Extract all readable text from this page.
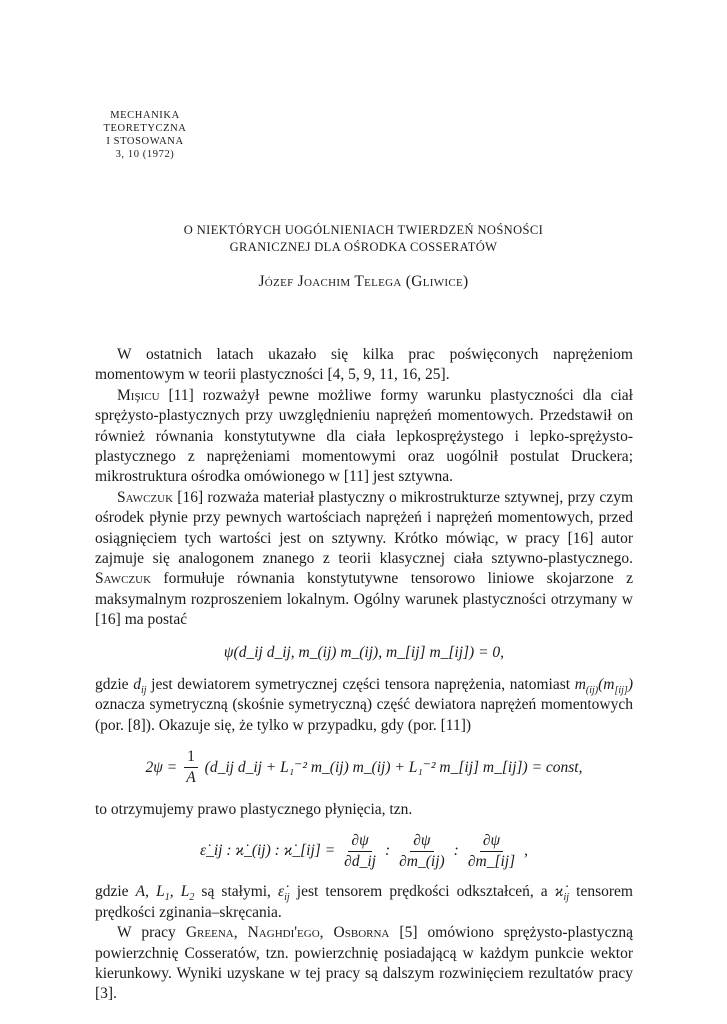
MECHANIKA
TEORETYCZNA
I STOSOWANA
3, 10 (1972)
O NIEKTÓRYCH UOGÓLNIENIACH TWIERDZEŃ NOŚNOŚCI
GRANICZNEJ DLA OŚRODKA COSSERATÓW
Józef Joachim Telega (Gliwice)

W ostatnich latach ukazało się kilka prac poświęconych naprężeniom momentowym w teorii plastyczności [4, 5, 9, 11, 16, 25].

Mişicu [11] rozważył pewne możliwe formy warunku plastyczności dla ciał sprężysto-plastycznych przy uwzględnieniu naprężeń momentowych. Przedstawił on również równania konstytutywne dla ciała lepkosprężystego i lepko-sprężysto-plastycznego z naprężeniami momentowymi oraz uogólnił postulat Druckera; mikrostruktura ośrodka omówionego w [11] jest sztywna.

Sawczuk [16] rozważa materiał plastyczny o mikrostrukturze sztywnej, przy czym ośrodek płynie przy pewnych wartościach naprężeń i naprężeń momentowych, przed osiągnięciem tych wartości jest on sztywny. Krótko mówiąc, w pracy [16] autor zajmuje się analogonem znanego z teorii klasycznej ciała sztywno-plastycznego. Sawczuk formułuje równania konstytutywne tensorowo liniowe skojarzone z maksymalnym rozproszeniem lokalnym. Ogólny warunek plastyczności otrzymany w [16] ma postać

ψ(d_ij d_ij, m_(ij) m_(ij), m_[ij] m_[ij]) = 0,

gdzie $d_{ij}$ jest dewiatorem symetrycznej części tensora naprężenia, natomiast $m_{(ij)}(m_{[ij]})$ oznacza symetryczną (skośnie symetryczną) część dewiatora naprężeń momentowych (por. [8]). Okazuje się, że tylko w przypadku, gdy (por. [11])

$2\psi = \frac{1}{A}$ (d_ij d_ij + L₁⁻² m_(ij) m_(ij) + L₁⁻² m_[ij] m_[ij]) = const,

to otrzymujemy prawo plastycznego płynięcia, tzn.

ε̇_ij : ϰ̇_(ij) : ϰ̇_[ij] = $\frac{\partial\psi}{\partial d\_ij}$ : $\frac{\partial\psi}{\partial m\_(ij)}$ : $\frac{\partial\psi}{\partial m\_[ij]}$ ,

gdzie A, $L_1$, $L_2$ są stałymi, $\varepsiloṅ_{ij}$ jest tensorem prędkości odkształceń, a $ϰ̇_{ij}$ tensorem prędkości zginania–skręcania.

W pracy Greena, Naghdi'ego, Osborna [5] omówiono sprężysto-plastyczną powierzchnię Cosseratów, tzn. powierzchnię posiadającą w każdym punkcie wektor kierunkowy. Wyniki uzyskane w tej pracy są dalszym rozwinięciem rezultatów pracy [3].
